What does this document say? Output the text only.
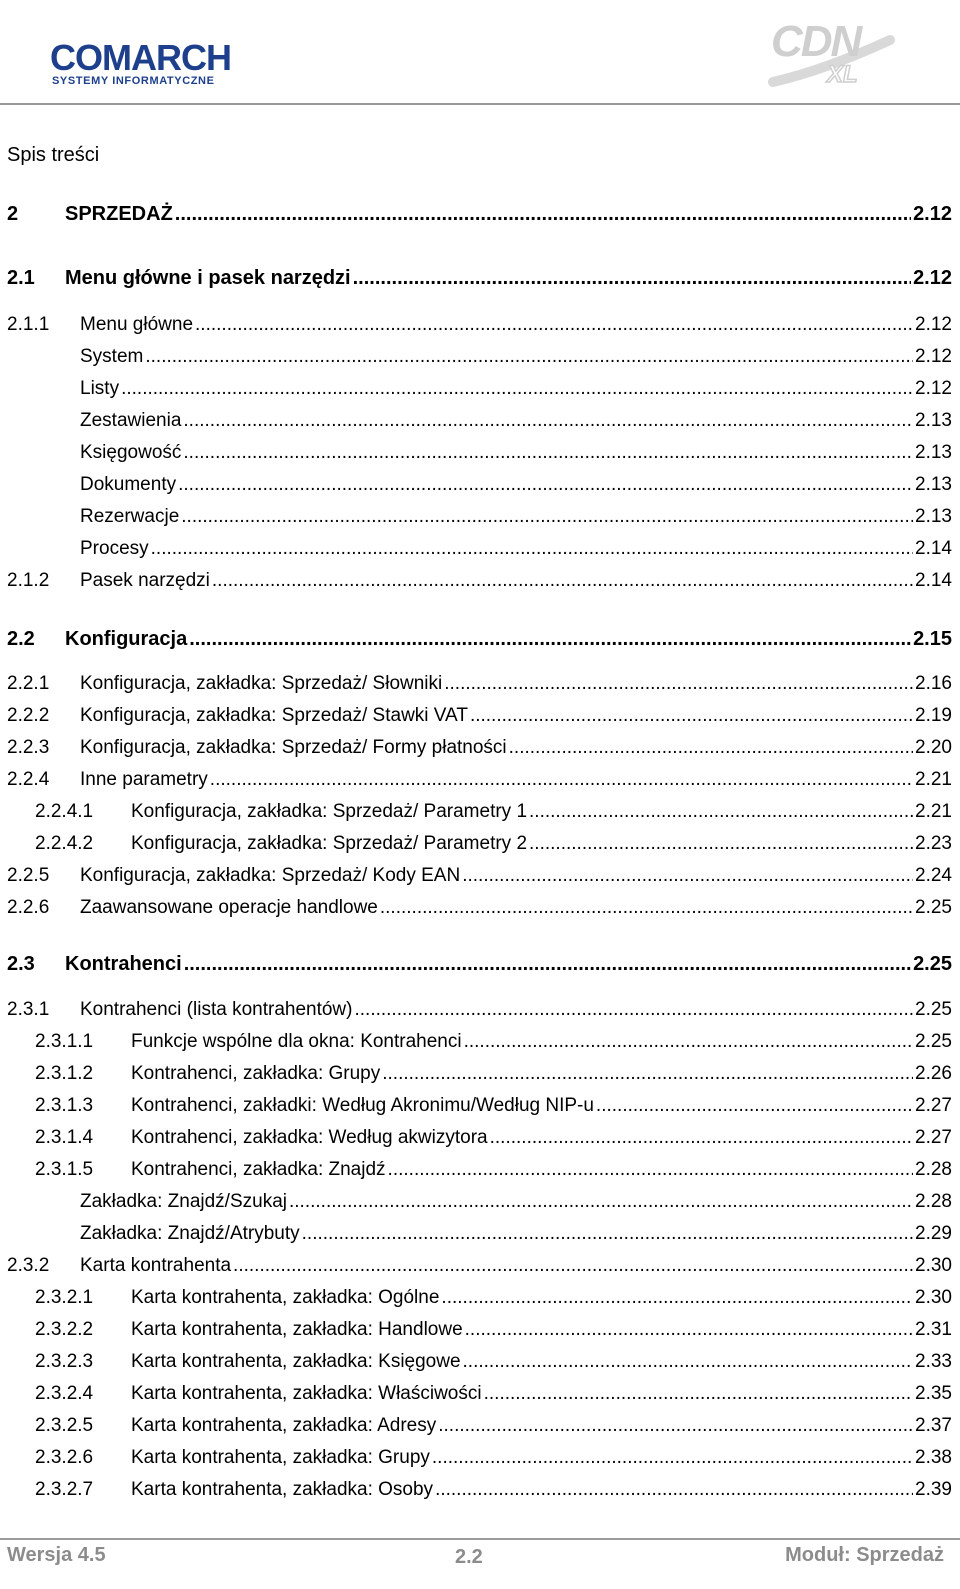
COMARCH
SYSTEMY INFORMATYCZNE
CDN
XL
Spis treści
2 SPRZEDAŻ .....	2.12
2.1 Menu główne i pasek narzędzi .....	2.12
2.1.1 Menu główne .....	2.12
System .....	2.12
Listy .....	2.12
Zestawienia .....	2.13
Księgowość .....	2.13
Dokumenty .....	2.13
Rezerwacje .....	2.13
Procesy .....	2.14
2.1.2 Pasek narzędzi .....	2.14
2.2 Konfiguracja .....	2.15
2.2.1 Konfiguracja, zakładka: Sprzedaż/ Słowniki .....	2.16
2.2.2 Konfiguracja, zakładka: Sprzedaż/ Stawki VAT .....	2.19
2.2.3 Konfiguracja, zakładka: Sprzedaż/ Formy płatności .....	2.20
2.2.4 Inne parametry .....	2.21
2.2.4.1 Konfiguracja, zakładka: Sprzedaż/ Parametry 1 .....	2.21
2.2.4.2 Konfiguracja, zakładka: Sprzedaż/ Parametry 2 .....	2.23
2.2.5 Konfiguracja, zakładka: Sprzedaż/ Kody EAN .....	2.24
2.2.6 Zaawansowane operacje handlowe .....	2.25
2.3 Kontrahenci .....	2.25
2.3.1 Kontrahenci (lista kontrahentów) .....	2.25
2.3.1.1 Funkcje wspólne dla okna: Kontrahenci .....	2.25
2.3.1.2 Kontrahenci, zakładka: Grupy .....	2.26
2.3.1.3 Kontrahenci, zakładki: Według Akronimu/Według NIP-u .....	2.27
2.3.1.4 Kontrahenci, zakładka: Według akwizytora .....	2.27
2.3.1.5 Kontrahenci, zakładka: Znajdź .....	2.28
Zakładka: Znajdź/Szukaj .....	2.28
Zakładka: Znajdź/Atrybuty .....	2.29
2.3.2 Karta kontrahenta .....	2.30
2.3.2.1 Karta kontrahenta, zakładka: Ogólne .....	2.30
2.3.2.2 Karta kontrahenta, zakładka: Handlowe .....	2.31
2.3.2.3 Karta kontrahenta, zakładka: Księgowe .....	2.33
2.3.2.4 Karta kontrahenta, zakładka: Właściwości .....	2.35
2.3.2.5 Karta kontrahenta, zakładka: Adresy .....	2.37
2.3.2.6 Karta kontrahenta, zakładka: Grupy .....	2.38
2.3.2.7 Karta kontrahenta, zakładka: Osoby .....	2.39
Wersja 4.5	2.2	Moduł: Sprzedaż
